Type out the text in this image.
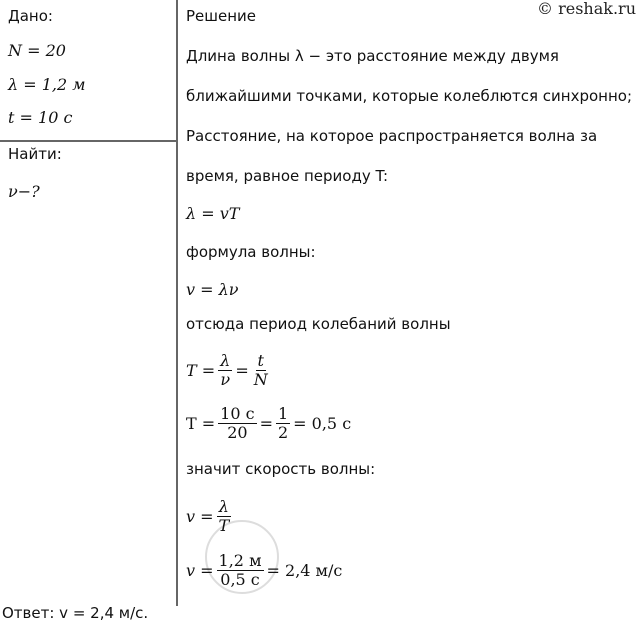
© reshak.ru
Дано:
N = 20
λ = 1,2 м
t = 10 с
Найти:
ν−?
Решение
Длина волны λ − это расстояние между двумя
ближайшими точками, которые колеблются синхронно;
Расстояние, на которое распространяется волна за
время, равное периоду T:
λ = vT
формула волны:
v = λν
отсюда период колебаний волны
$T = \frac{\lambda}{\nu} = \frac{t}{N}$
$T = \frac{10 с}{20} = \frac{1}{2} = 0,5$ c
значит скорость волны:
$v = \frac{\lambda}{T}$
$v = \frac{1,2 м}{0,5 с} = 2,4$ м/с
Ответ: v = 2,4 м/с.
